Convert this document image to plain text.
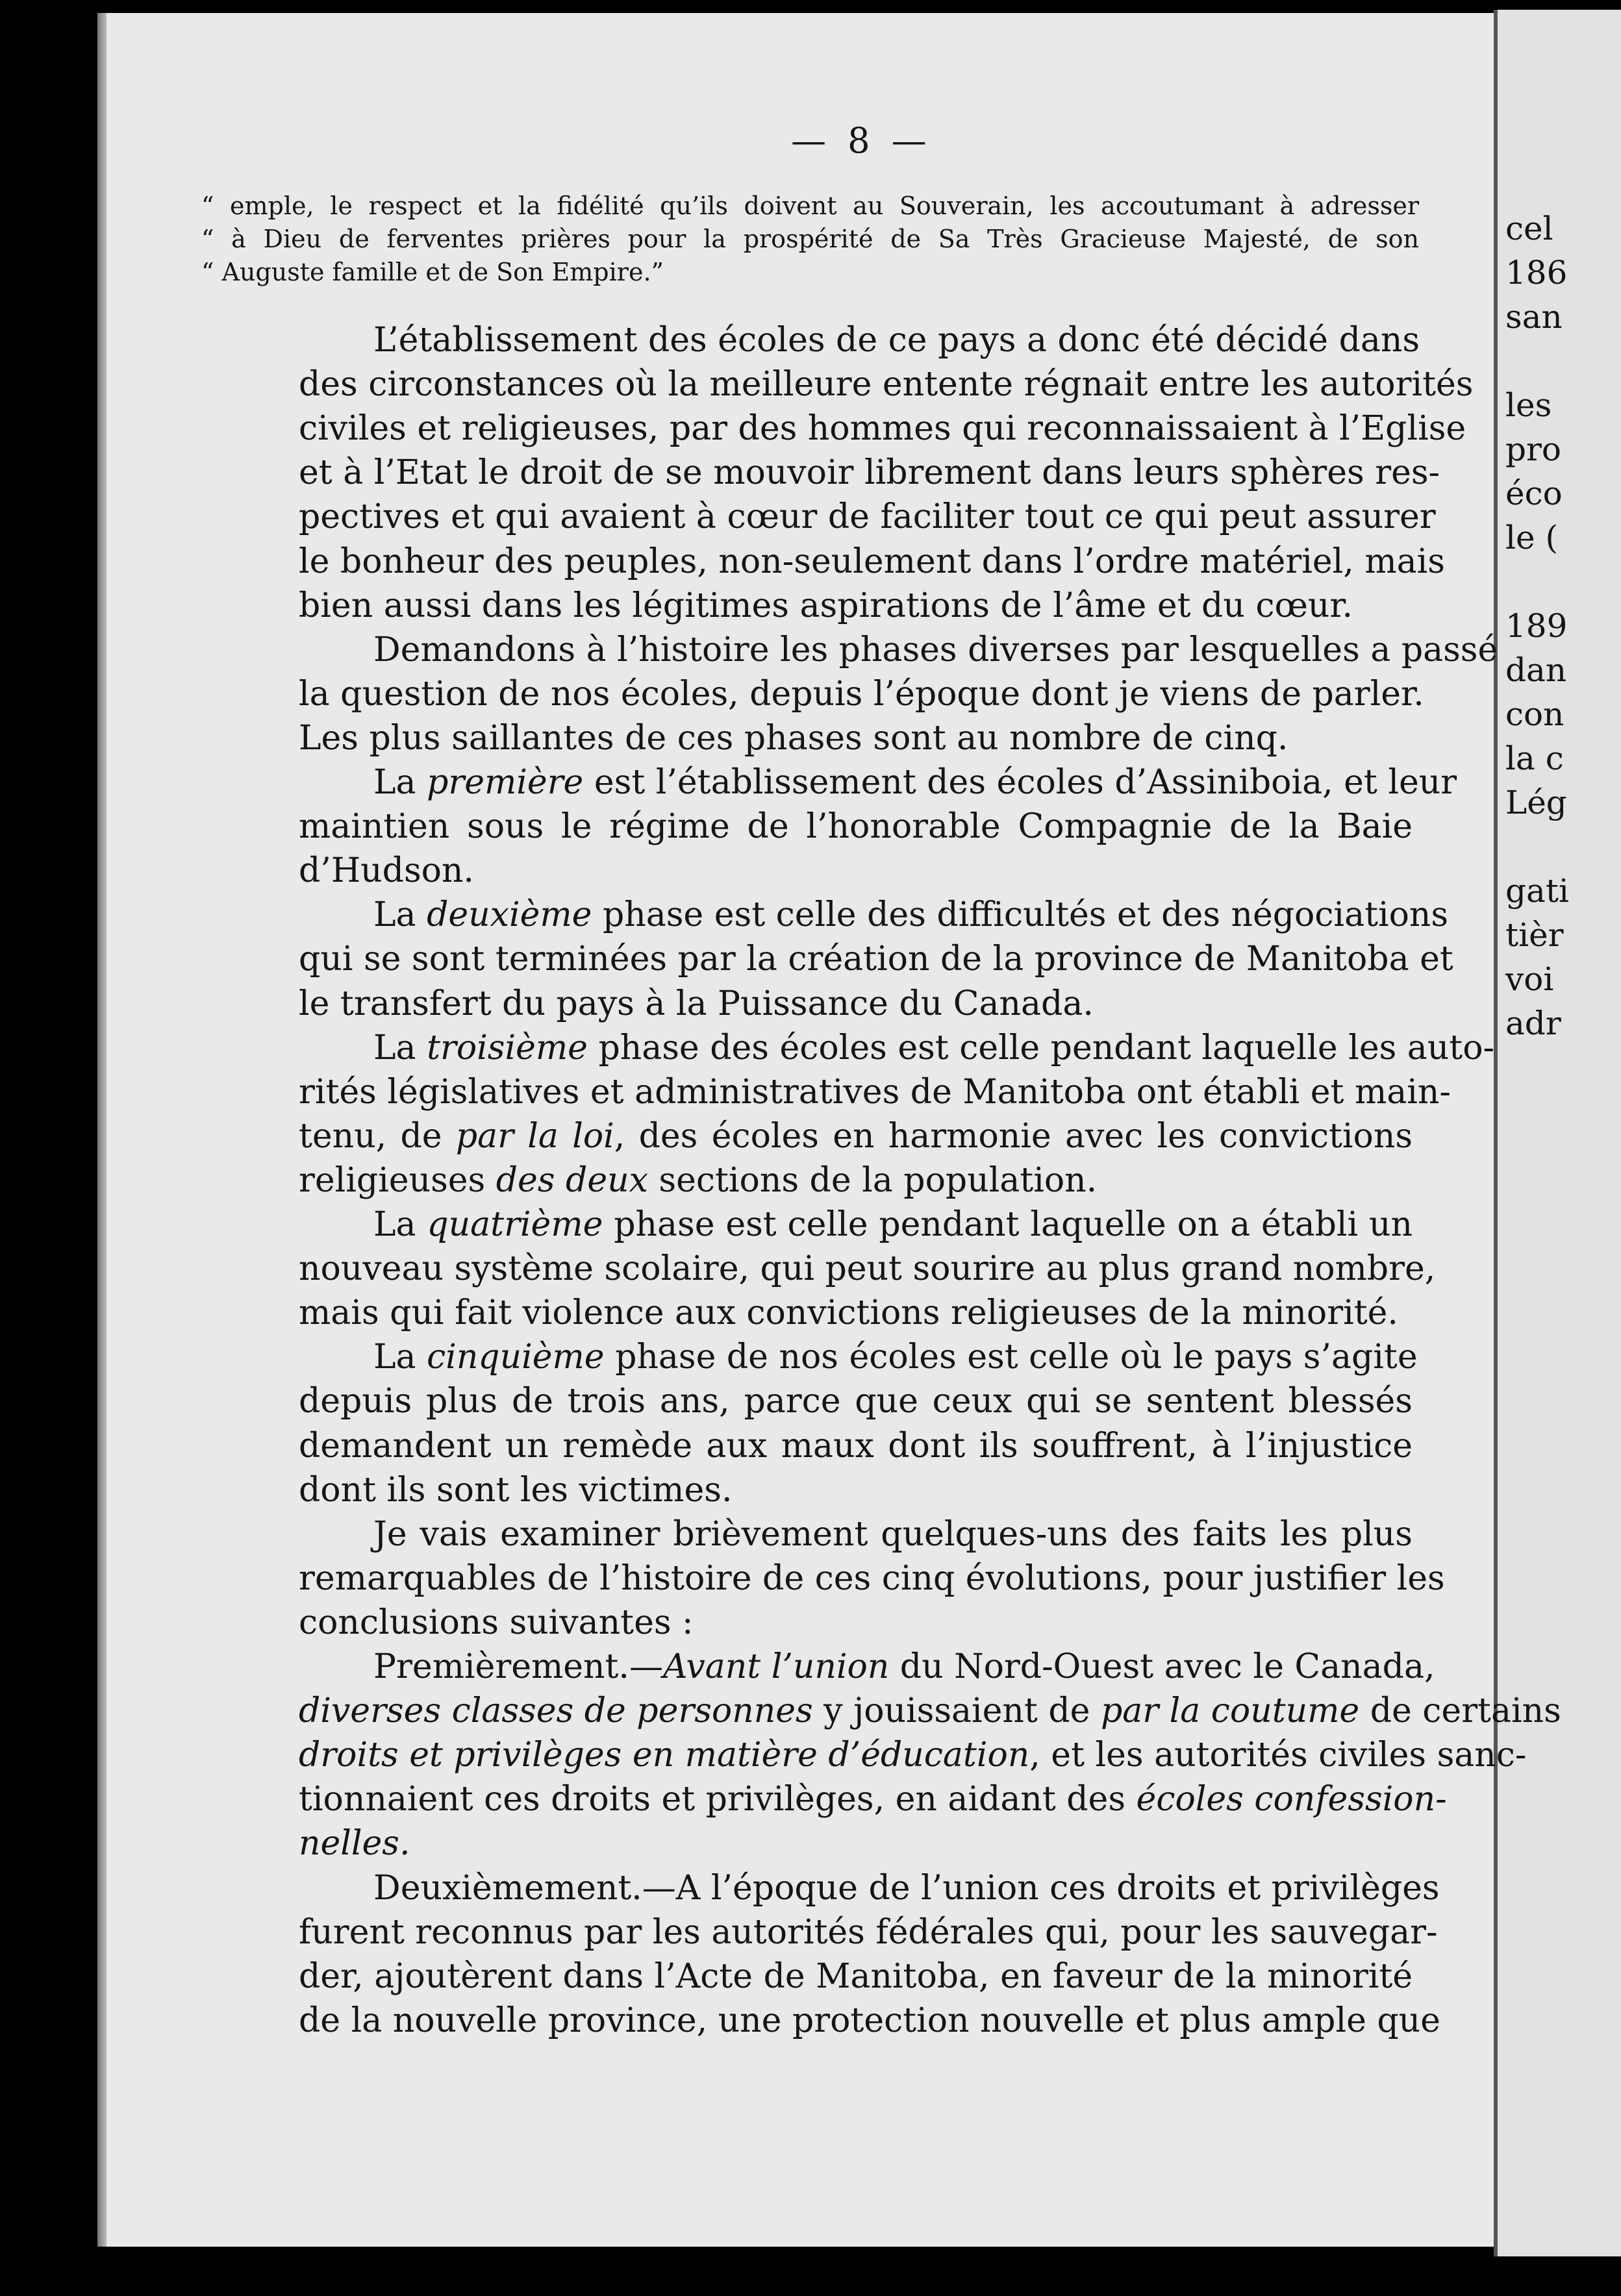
cel
186
san
les
pro
éco
le (
189
dan
con
la c
Lég
gati
tièr
voi
adr
— 8 —
“ emple, le respect et la fidélité qu’ils doivent au Souverain, les accoutumant à adresser
“ à Dieu de ferventes prières pour la prospérité de Sa Très Gracieuse Majesté, de son
“ Auguste famille et de Son Empire.”
L’établissement des écoles de ce pays a donc été décidé dans
des circonstances où la meilleure entente régnait entre les autorités
civiles et religieuses, par des hommes qui reconnaissaient à l’Eglise
et à l’Etat le droit de se mouvoir librement dans leurs sphères res-
pectives et qui avaient à cœur de faciliter tout ce qui peut assurer
le bonheur des peuples, non-seulement dans l’ordre matériel, mais
bien aussi dans les légitimes aspirations de l’âme et du cœur.
Demandons à l’histoire les phases diverses par lesquelles a passé
la question de nos écoles, depuis l’époque dont je viens de parler.
Les plus saillantes de ces phases sont au nombre de cinq.
La première est l’établissement des écoles d’Assiniboia, et leur
maintien sous le régime de l’honorable Compagnie de la Baie
d’Hudson.
La deuxième phase est celle des difficultés et des négociations
qui se sont terminées par la création de la province de Manitoba et
le transfert du pays à la Puissance du Canada.
La troisième phase des écoles est celle pendant laquelle les auto-
rités législatives et administratives de Manitoba ont établi et main-
tenu, de par la loi, des écoles en harmonie avec les convictions
religieuses des deux sections de la population.
La quatrième phase est celle pendant laquelle on a établi un
nouveau système scolaire, qui peut sourire au plus grand nombre,
mais qui fait violence aux convictions religieuses de la minorité.
La cinquième phase de nos écoles est celle où le pays s’agite
depuis plus de trois ans, parce que ceux qui se sentent blessés
demandent un remède aux maux dont ils souffrent, à l’injustice
dont ils sont les victimes.
Je vais examiner brièvement quelques-uns des faits les plus
remarquables de l’histoire de ces cinq évolutions, pour justifier les
conclusions suivantes :
Premièrement.—Avant l’union du Nord-Ouest avec le Canada,
diverses classes de personnes y jouissaient de par la coutume de certains
droits et privilèges en matière d’éducation, et les autorités civiles sanc-
tionnaient ces droits et privilèges, en aidant des écoles confession-
nelles.
Deuxièmement.—A l’époque de l’union ces droits et privilèges
furent reconnus par les autorités fédérales qui, pour les sauvegar-
der, ajoutèrent dans l’Acte de Manitoba, en faveur de la minorité
de la nouvelle province, une protection nouvelle et plus ample que
